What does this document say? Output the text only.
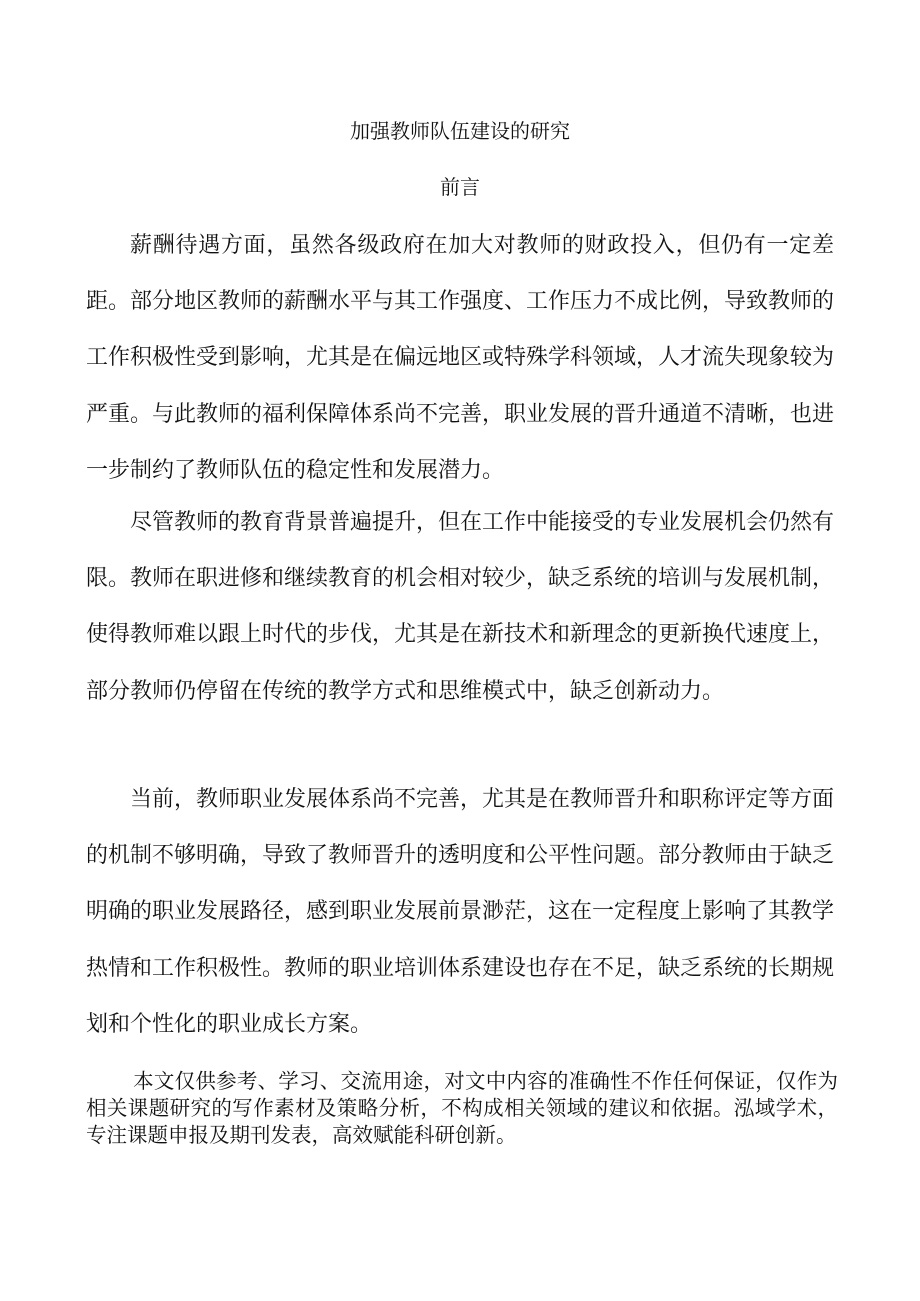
加强教师队伍建设的研究
前言

薪酬待遇方面，虽然各级政府在加大对教师的财政投入，但仍有一定差距。部分地区教师的薪酬水平与其工作强度、工作压力不成比例，导致教师的工作积极性受到影响，尤其是在偏远地区或特殊学科领域，人才流失现象较为严重。与此教师的福利保障体系尚不完善，职业发展的晋升通道不清晰，也进一步制约了教师队伍的稳定性和发展潜力。

尽管教师的教育背景普遍提升，但在工作中能接受的专业发展机会仍然有限。教师在职进修和继续教育的机会相对较少，缺乏系统的培训与发展机制，使得教师难以跟上时代的步伐，尤其是在新技术和新理念的更新换代速度上，部分教师仍停留在传统的教学方式和思维模式中，缺乏创新动力。

当前，教师职业发展体系尚不完善，尤其是在教师晋升和职称评定等方面的机制不够明确，导致了教师晋升的透明度和公平性问题。部分教师由于缺乏明确的职业发展路径，感到职业发展前景渺茫，这在一定程度上影响了其教学热情和工作积极性。教师的职业培训体系建设也存在不足，缺乏系统的长期规划和个性化的职业成长方案。

本文仅供参考、学习、交流用途，对文中内容的准确性不作任何保证，仅作为相关课题研究的写作素材及策略分析，不构成相关领域的建议和依据。泓域学术，专注课题申报及期刊发表，高效赋能科研创新。
